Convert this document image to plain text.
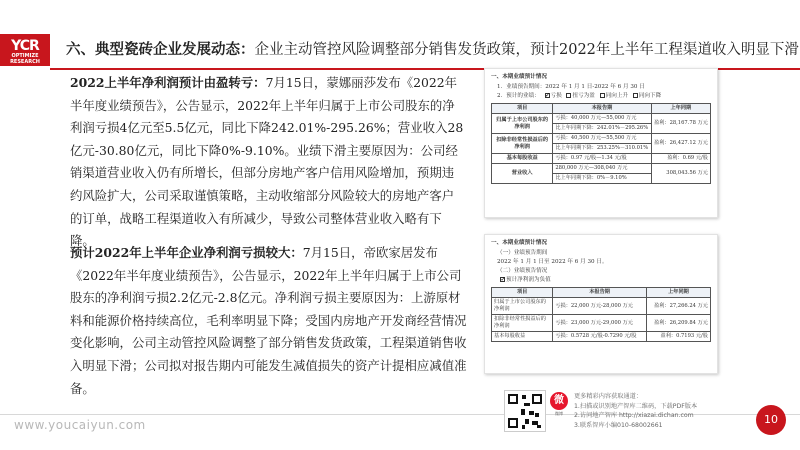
YCR
OPTIMIZE RESEARCH
六、典型瓷砖企业发展动态：企业主动管控风险调整部分销售发货政策，预计2022年上半年工程渠道收入明显下滑
2022上半年净利润预计由盈转亏：7月15日，蒙娜丽莎发布《2022年半年度业绩预告》，公告显示，2022年上半年归属于上市公司股东的净利润亏损4亿元至5.5亿元，同比下降242.01%-295.26%；营业收入28亿元-30.80亿元，同比下降0%-9.10%。业绩下滑主要原因为：公司经销渠道营业收入仍有所增长，但部分房地产客户信用风险增加，预期违约风险扩大，公司采取谨慎策略，主动收缩部分风险较大的房地产客户的订单，战略工程渠道收入有所减少，导致公司整体营业收入略有下降。
预计2022年上半年企业净利润亏损较大：7月15日，帝欧家居发布《2022年半年度业绩预告》，公告显示，2022年上半年归属于上市公司股东的净利润亏损2.2亿元-2.8亿元。净利润亏损主要原因为：上游原材料和能源价格持续高位，毛利率明显下降；受国内房地产开发商经营情况变化影响，公司主动管控风险调整了部分销售发货政策，工程渠道销售收入明显下滑；公司拟对报告期内可能发生减值损失的资产计提相应减值准备。
一、本期业绩预计情况
1．业绩预告期间：2022 年 1 月 1 日-2022 年 6 月 30 日
2．预计的业绩： ✓ 亏损 扭亏为盈 同向上升 同向下降
项目	本报告期	上年同期
归属于上市公司股东的净利润	亏损：40,000 万元—55,000 万元	盈利：28,167.78 万元
	比上年同期下降：242.01%－295.26%	
扣除非经常性损益后的净利润	亏损：40,500 万元—55,500 万元	盈利：26,427.12 万元
	比上年同期下降：253.25%－310.01%	
基本每股收益	亏损：0.97 元/股—1.34 元/股	盈利：0.69 元/股
营业收入	280,000 万元—308,040 万元	308,043.56 万元
	比上年同期下降：0%－9.10%	
一、本期业绩预计情况
（一）业绩预告期间
2022 年 1 月 1 日至 2022 年 6 月 30 日。
（二）业绩预告情况
✓预计净利润为负值
项目	本报告期	上年同期
归属于上市公司股东的净利润	亏损：22,000 万元-28,000 万元	盈利：27,266.24 万元
扣除非经常性损益后的净利润	亏损：23,000 万元-29,000 万元	盈利：26,209.84 万元
基本每股收益	亏损：0.5728 元/股-0.7290 元/股	盈利：0.7193 元/股
www.youcaiyun.com
微
微博
更多精彩内容获取通道：
1.扫描或识别地产智库二维码，下载PDF版本
2.访问地产智库 http://xiazai.dichan.com
3.联系智库小编010-68002661	10
